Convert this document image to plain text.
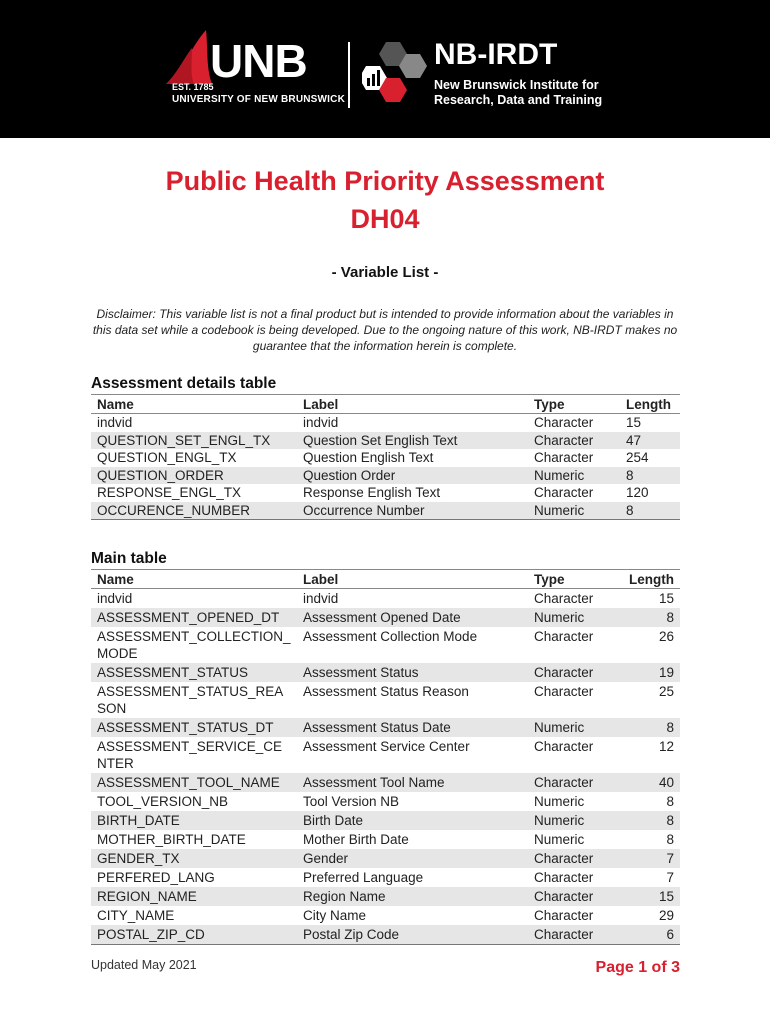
UNB
EST. 1785
UNIVERSITY OF NEW BRUNSWICK
NB-IRDT
New Brunswick Institute for Research, Data and Training
Public Health Priority Assessment
DH04
- Variable List -
Disclaimer: This variable list is not a final product but is intended to provide information about the variables in this data set while a codebook is being developed. Due to the ongoing nature of this work, NB-IRDT makes no guarantee that the information herein is complete.
Assessment details table
Name	Label	Type	Length
indvid	indvid	Character	15
QUESTION_SET_ENGL_TX	Question Set English Text	Character	47
QUESTION_ENGL_TX	Question English Text	Character	254
QUESTION_ORDER	Question Order	Numeric	8
RESPONSE_ENGL_TX	Response English Text	Character	120
OCCURENCE_NUMBER	Occurrence Number	Numeric	8
Main table
Name	Label	Type	Length
indvid	indvid	Character	15
ASSESSMENT_OPENED_DT	Assessment Opened Date	Numeric	8
ASSESSMENT_COLLECTION_MODE	Assessment Collection Mode	Character	26
ASSESSMENT_STATUS	Assessment Status	Character	19
ASSESSMENT_STATUS_REASON	Assessment Status Reason	Character	25
ASSESSMENT_STATUS_DT	Assessment Status Date	Numeric	8
ASSESSMENT_SERVICE_CENTER	Assessment Service Center	Character	12
ASSESSMENT_TOOL_NAME	Assessment Tool Name	Character	40
TOOL_VERSION_NB	Tool Version NB	Numeric	8
BIRTH_DATE	Birth Date	Numeric	8
MOTHER_BIRTH_DATE	Mother Birth Date	Numeric	8
GENDER_TX	Gender	Character	7
PERFERED_LANG	Preferred Language	Character	7
REGION_NAME	Region Name	Character	15
CITY_NAME	City Name	Character	29
POSTAL_ZIP_CD	Postal Zip Code	Character	6
Updated May 2021	Page 1 of 3
